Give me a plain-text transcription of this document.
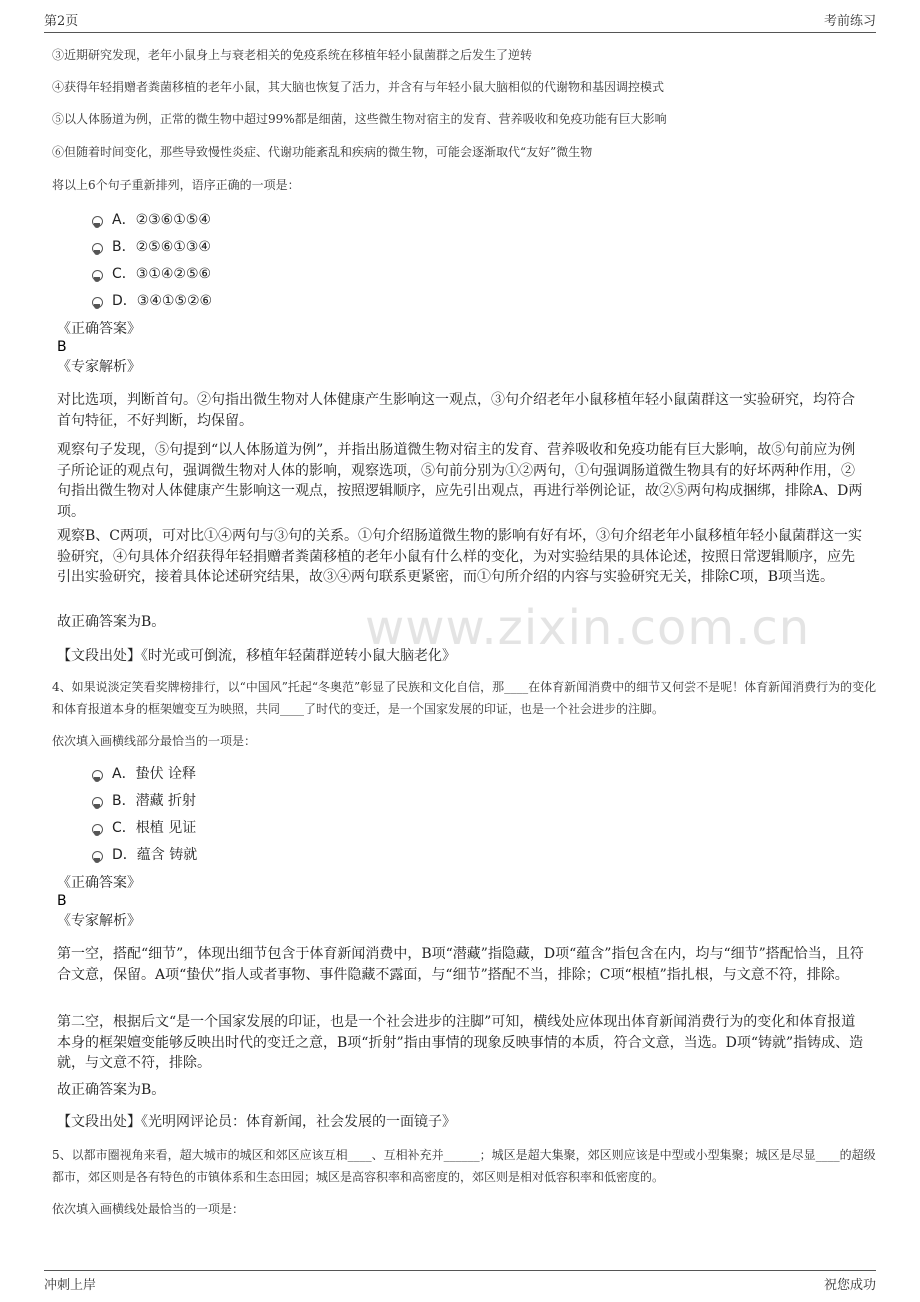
第2页	考前练习
www.zixin.com.cn
③近期研究发现，老年小鼠身上与衰老相关的免疫系统在移植年轻小鼠菌群之后发生了逆转
④获得年轻捐赠者粪菌移植的老年小鼠，其大脑也恢复了活力，并含有与年轻小鼠大脑相似的代谢物和基因调控模式
⑤以人体肠道为例，正常的微生物中超过99%都是细菌，这些微生物对宿主的发育、营养吸收和免疫功能有巨大影响
⑥但随着时间变化，那些导致慢性炎症、代谢功能紊乱和疾病的微生物，可能会逐渐取代“友好”微生物
将以上6个句子重新排列，语序正确的一项是：
A．②③⑥①⑤④
B．②⑤⑥①③④
C．③①④②⑤⑥
D．③④①⑤②⑥
《正确答案》
B
《专家解析》
对比选项，判断首句。②句指出微生物对人体健康产生影响这一观点，③句介绍老年小鼠移植年轻小鼠菌群这一实验研究，均符合首句特征，不好判断，均保留。
观察句子发现，⑤句提到“以人体肠道为例”，并指出肠道微生物对宿主的发育、营养吸收和免疫功能有巨大影响，故⑤句前应为例子所论证的观点句，强调微生物对人体的影响，观察选项，⑤句前分别为①②两句，①句强调肠道微生物具有的好坏两种作用，②句指出微生物对人体健康产生影响这一观点，按照逻辑顺序，应先引出观点，再进行举例论证，故②⑤两句构成捆绑，排除A、D两项。
观察B、C两项，可对比①④两句与③句的关系。①句介绍肠道微生物的影响有好有坏，③句介绍老年小鼠移植年轻小鼠菌群这一实验研究，④句具体介绍获得年轻捐赠者粪菌移植的老年小鼠有什么样的变化，为对实验结果的具体论述，按照日常逻辑顺序，应先引出实验研究，接着具体论述研究结果，故③④两句联系更紧密，而①句所介绍的内容与实验研究无关，排除C项，B项当选。
故正确答案为B。
【文段出处】《时光或可倒流，移植年轻菌群逆转小鼠大脑老化》
4、如果说淡定笑看奖牌榜排行，以“中国风”托起“冬奥范”彰显了民族和文化自信，那____在体育新闻消费中的细节又何尝不是呢！体育新闻消费行为的变化和体育报道本身的框架嬗变互为映照，共同____了时代的变迁，是一个国家发展的印证，也是一个社会进步的注脚。
依次填入画横线部分最恰当的一项是：
A．蛰伏 诠释
B．潜藏 折射
C．根植 见证
D．蕴含 铸就
《正确答案》
B
《专家解析》
第一空，搭配“细节”，体现出细节包含于体育新闻消费中，B项“潜藏”指隐藏，D项“蕴含”指包含在内，均与“细节”搭配恰当，且符合文意，保留。A项“蛰伏”指人或者事物、事件隐藏不露面，与“细节”搭配不当，排除；C项“根植”指扎根，与文意不符，排除。
第二空，根据后文“是一个国家发展的印证，也是一个社会进步的注脚”可知，横线处应体现出体育新闻消费行为的变化和体育报道本身的框架嬗变能够反映出时代的变迁之意，B项“折射”指由事情的现象反映事情的本质，符合文意，当选。D项“铸就”指铸成、造就，与文意不符，排除。
故正确答案为B。
【文段出处】《光明网评论员：体育新闻，社会发展的一面镜子》
5、以都市圈视角来看，超大城市的城区和郊区应该互相____、互相补充并______；城区是超大集聚，郊区则应该是中型或小型集聚；城区是尽显____的超级都市，郊区则是各有特色的市镇体系和生态田园；城区是高容积率和高密度的，郊区则是相对低容积率和低密度的。
依次填入画横线处最恰当的一项是：
冲刺上岸	祝您成功
